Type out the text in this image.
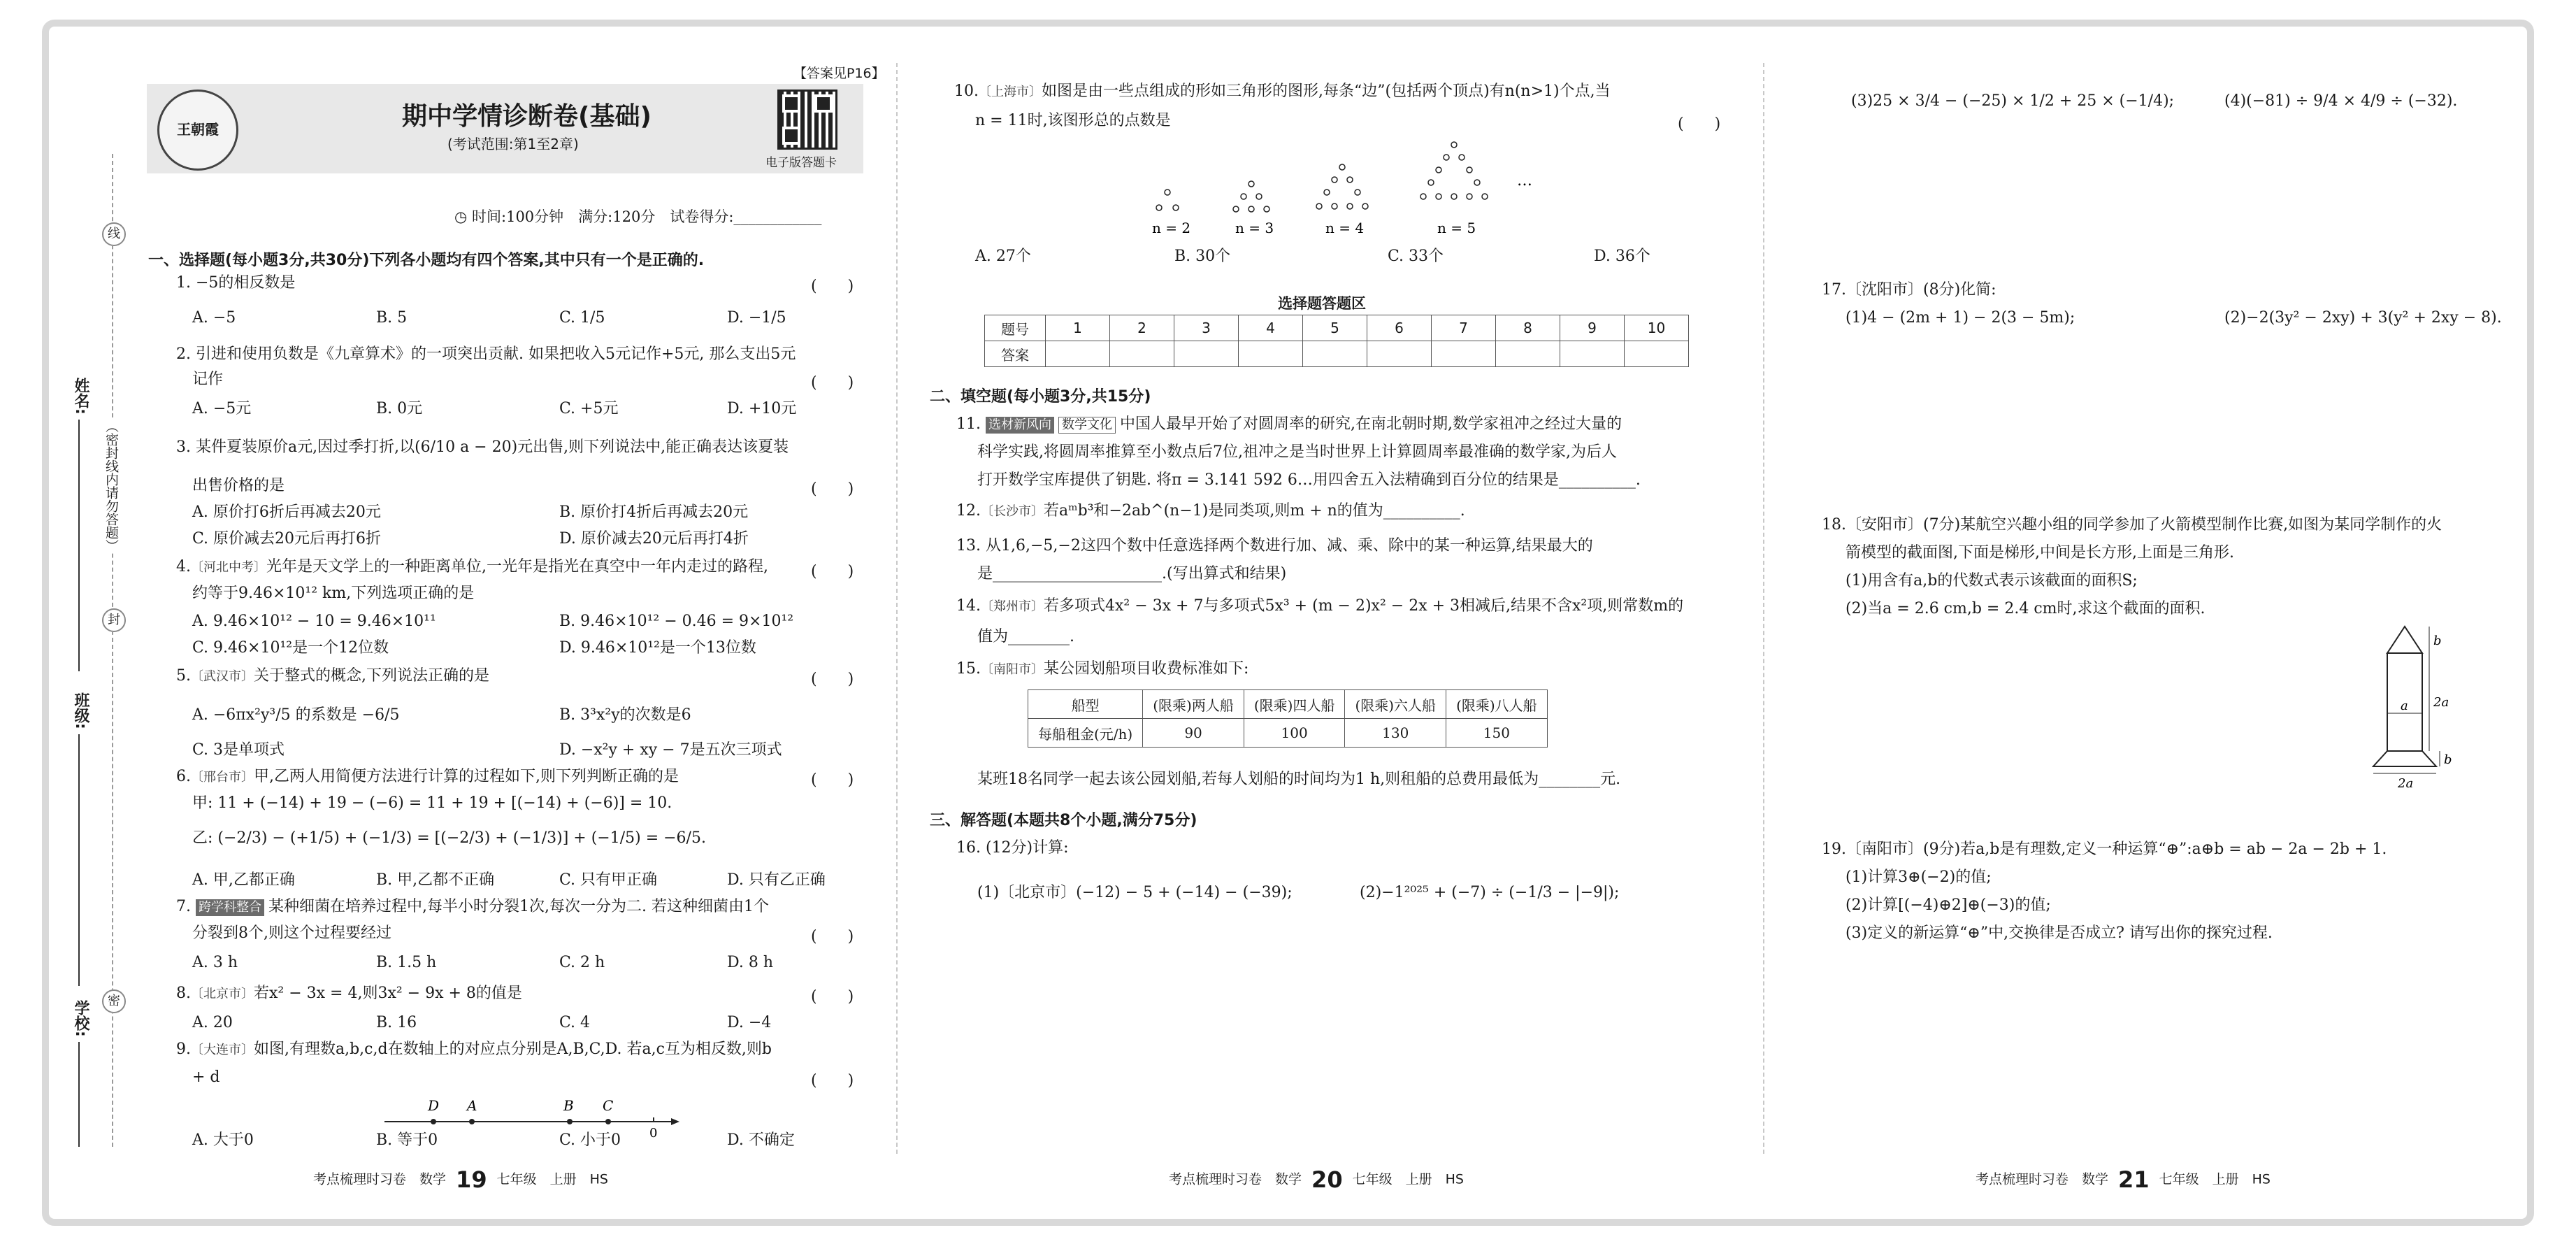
姓名:
班级:
学校:
线
封
密
（密封线内请勿答题）
王朝霞
【答案见P16】
期中学情诊断卷(基础)
(考试范围:第1至2章)
电子版答题卡
◷ 时间:100分钟　满分:120分　试卷得分:____________
一、选择题(每小题3分,共30分)下列各小题均有四个答案,其中只有一个是正确的.
1. −5的相反数是	(　　)
A. −5	B. 5	C. 1/5	D. −1/5
2. 引进和使用负数是《九章算术》的一项突出贡献. 如果把收入5元记作+5元, 那么支出5元
记作	(　　)
A. −5元	B. 0元	C. +5元	D. +10元
3. 某件夏装原价a元,因过季打折,以(6/10 a − 20)元出售,则下列说法中,能正确表达该夏装
出售价格的是	(　　)
A. 原价打6折后再减去20元	B. 原价打4折后再减去20元
C. 原价减去20元后再打6折	D. 原价减去20元后再打4折
4.〔河北中考〕光年是天文学上的一种距离单位,一光年是指光在真空中一年内走过的路程,
约等于9.46×10¹² km,下列选项正确的是
(　　)
A. 9.46×10¹² − 10 = 9.46×10¹¹	B. 9.46×10¹² − 0.46 = 9×10¹²
C. 9.46×10¹²是一个12位数	D. 9.46×10¹²是一个13位数
5.〔武汉市〕关于整式的概念,下列说法正确的是	(　　)
A. −6πx²y³/5 的系数是 −6/5	B. 3³x²y的次数是6
C. 3是单项式	D. −x²y + xy − 7是五次三项式
6.〔邢台市〕甲,乙两人用简便方法进行计算的过程如下,则下列判断正确的是	(　　)
甲: 11 + (−14) + 19 − (−6) = 11 + 19 + [(−14) + (−6)] = 10.
乙: (−2/3) − (+1/5) + (−1/3) = [(−2/3) + (−1/3)] + (−1/5) = −6/5.
A. 甲,乙都正确	B. 甲,乙都不正确	C. 只有甲正确	D. 只有乙正确
7. 跨学科整合 某种细菌在培养过程中,每半小时分裂1次,每次一分为二. 若这种细菌由1个
分裂到8个,则这个过程要经过	(　　)
A. 3 h	B. 1.5 h	C. 2 h	D. 8 h
8.〔北京市〕若x² − 3x = 4,则3x² − 9x + 8的值是	(　　)
A. 20	B. 16	C. 4	D. −4
9.〔大连市〕如图,有理数a,b,c,d在数轴上的对应点分别是A,B,C,D. 若a,c互为相反数,则b
+ d	(　　)
D A	B C
0
A. 大于0	B. 等于0	C. 小于0	D. 不确定
10.〔上海市〕如图是由一些点组成的形如三角形的图形,每条“边”(包括两个顶点)有n(n>1)个点,当
n = 11时,该图形总的点数是	(　　)
n = 2	n = 3	n = 4	n = 5
…
A. 27个	B. 30个	C. 33个	D. 36个
选择题答题区
题号	1	2	3	4	5	6	7	8	9	10
答案										
二、填空题(每小题3分,共15分)
11. 选材新风向 数学文化 中国人最早开始了对圆周率的研究,在南北朝时期,数学家祖冲之经过大量的
科学实践,将圆周率推算至小数点后7位,祖冲之是当时世界上计算圆周率最准确的数学家,为后人
打开数学宝库提供了钥匙. 将π = 3.141 592 6…用四舍五入法精确到百分位的结果是__________.
12.〔长沙市〕若aᵐb³和−2ab^(n−1)是同类项,则m + n的值为__________.
13. 从1,6,−5,−2这四个数中任意选择两个数进行加、减、乘、除中的某一种运算,结果最大的
是______________________.(写出算式和结果)
14.〔郑州市〕若多项式4x² − 3x + 7与多项式5x³ + (m − 2)x² − 2x + 3相减后,结果不含x²项,则常数m的
值为________.
15.〔南阳市〕某公园划船项目收费标准如下:
船型	(限乘)两人船	(限乘)四人船	(限乘)六人船	(限乘)八人船
每船租金(元/h)	90	100	130	150
某班18名同学一起去该公园划船,若每人划船的时间均为1 h,则租船的总费用最低为________元.
三、解答题(本题共8个小题,满分75分)
16. (12分)计算:
(1)〔北京市〕(−12) − 5 + (−14) − (−39);	(2)−1²⁰²⁵ + (−7) ÷ (−1/3 − |−9|);
(3)25 × 3/4 − (−25) × 1/2 + 25 × (−1/4);	(4)(−81) ÷ 9/4 × 4/9 ÷ (−32).
17.〔沈阳市〕(8分)化简:
(1)4 − (2m + 1) − 2(3 − 5m);	(2)−2(3y² − 2xy) + 3(y² + 2xy − 8).
18.〔安阳市〕(7分)某航空兴趣小组的同学参加了火箭模型制作比赛,如图为某同学制作的火
箭模型的截面图,下面是梯形,中间是长方形,上面是三角形.
(1)用含有a,b的代数式表示该截面的面积S;
(2)当a = 2.6 cm,b = 2.4 cm时,求这个截面的面积.
b
2a
a
b
2a
19.〔南阳市〕(9分)若a,b是有理数,定义一种运算“⊕”:a⊕b = ab − 2a − 2b + 1.
(1)计算3⊕(−2)的值;
(2)计算[(−4)⊕2]⊕(−3)的值;
(3)定义的新运算“⊕”中,交换律是否成立? 请写出你的探究过程.
考点梳理时习卷　 数学 19 七年级　 上册　 HS	考点梳理时习卷　 数学 20 七年级　 上册　 HS	考点梳理时习卷　 数学 21 七年级　 上册　 HS
